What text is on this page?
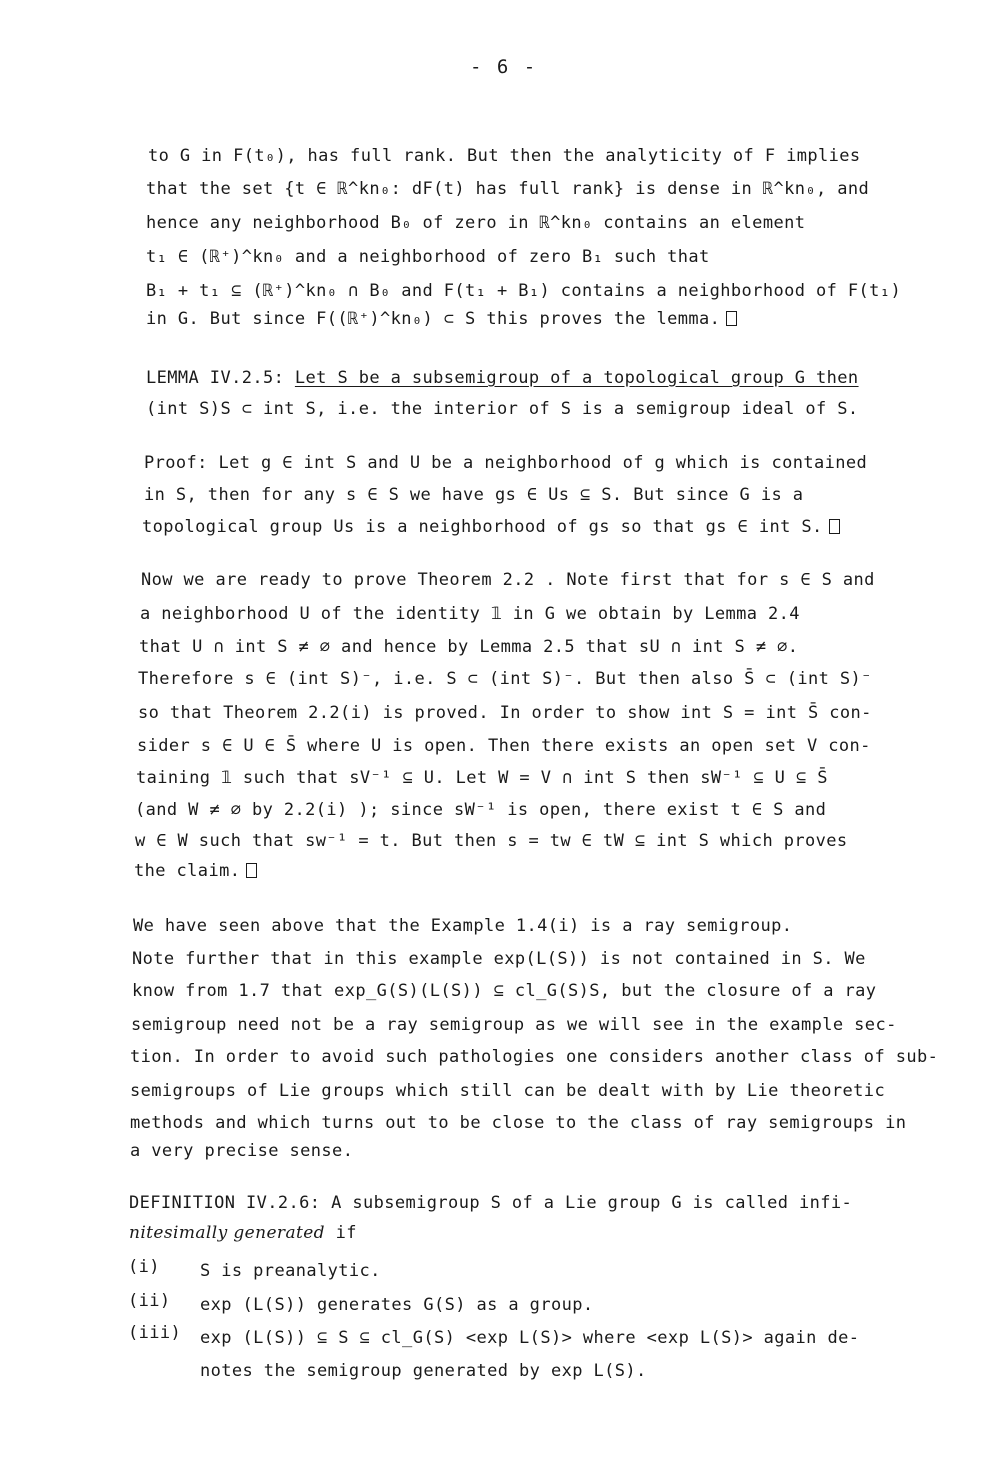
- 6 -
to G in F(t₀), has full rank. But then the analyticity of F implies
that the set {t ∈ ℝ^kn₀: dF(t) has full rank} is dense in ℝ^kn₀, and
hence any neighborhood B₀ of zero in ℝ^kn₀ contains an element
t₁ ∈ (ℝ⁺)^kn₀ and a neighborhood of zero B₁ such that
B₁ + t₁ ⊆ (ℝ⁺)^kn₀ ∩ B₀ and F(t₁ + B₁) contains a neighborhood of F(t₁)
in G. But since F((ℝ⁺)^kn₀) ⊂ S this proves the lemma.
LEMMA IV.2.5: Let S be a subsemigroup of a topological group G then
(int S)S ⊂ int S, i.e. the interior of S is a semigroup ideal of S.
Proof: Let g ∈ int S and U be a neighborhood of g which is contained
in S, then for any s ∈ S we have gs ∈ Us ⊆ S. But since G is a
topological group Us is a neighborhood of gs so that gs ∈ int S.
Now we are ready to prove Theorem 2.2 . Note first that for s ∈ S and
a neighborhood U of the identity 𝟙 in G we obtain by Lemma 2.4
that U ∩ int S ≠ ∅ and hence by Lemma 2.5 that sU ∩ int S ≠ ∅.
Therefore s ∈ (int S)⁻, i.e. S ⊂ (int S)⁻. But then also S̄ ⊂ (int S)⁻
so that Theorem 2.2(i) is proved. In order to show int S = int S̄ con-
sider s ∈ U ∈ S̄ where U is open. Then there exists an open set V con-
taining 𝟙 such that sV⁻¹ ⊆ U. Let W = V ∩ int S then sW⁻¹ ⊆ U ⊆ S̄
(and W ≠ ∅ by 2.2(i) ); since sW⁻¹ is open, there exist t ∈ S and
w ∈ W such that sw⁻¹ = t. But then s = tw ∈ tW ⊆ int S which proves
the claim.
We have seen above that the Example 1.4(i) is a ray semigroup.
Note further that in this example exp(L(S)) is not contained in S. We
know from 1.7 that exp_G(S)(L(S)) ⊆ cl_G(S)S, but the closure of a ray
semigroup need not be a ray semigroup as we will see in the example sec-
tion. In order to avoid such pathologies one considers another class of sub-
semigroups of Lie groups which still can be dealt with by Lie theoretic
methods and which turns out to be close to the class of ray semigroups in
a very precise sense.
DEFINITION IV.2.6: A subsemigroup S of a Lie group G is called infi-
nitesimally generated if
(i) S is preanalytic.
(ii) exp (L(S)) generates G(S) as a group.
(iii) exp (L(S)) ⊆ S ⊆ cl_G(S) <exp L(S)> where <exp L(S)> again de-
notes the semigroup generated by exp L(S).
